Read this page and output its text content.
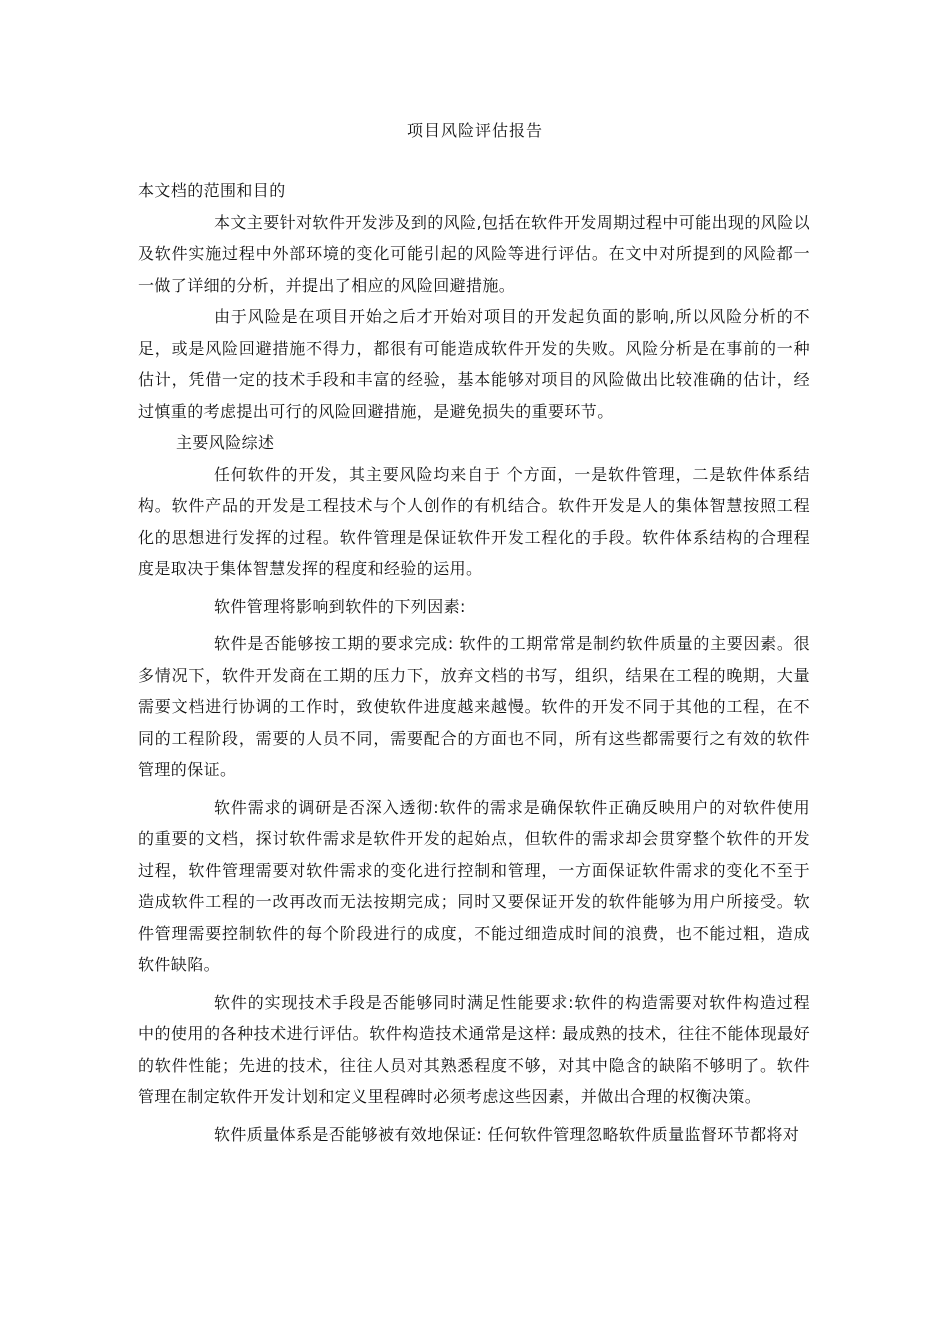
项目风险评估报告

本文档的范围和目的

本文主要针对软件开发涉及到的风险,包括在软件开发周期过程中可能出现的风险以及软件实施过程中外部环境的变化可能引起的风险等进行评估。在文中对所提到的风险都一一做了详细的分析，并提出了相应的风险回避措施。

由于风险是在项目开始之后才开始对项目的开发起负面的影响,所以风险分析的不足，或是风险回避措施不得力，都很有可能造成软件开发的失败。风险分析是在事前的一种估计，凭借一定的技术手段和丰富的经验，基本能够对项目的风险做出比较准确的估计，经过慎重的考虑提出可行的风险回避措施，是避免损失的重要环节。

主要风险综述

任何软件的开发，其主要风险均来自于 个方面，一是软件管理，二是软件体系结构。软件产品的开发是工程技术与个人创作的有机结合。软件开发是人的集体智慧按照工程化的思想进行发挥的过程。软件管理是保证软件开发工程化的手段。软件体系结构的合理程度是取决于集体智慧发挥的程度和经验的运用。

软件管理将影响到软件的下列因素:

软件是否能够按工期的要求完成: 软件的工期常常是制约软件质量的主要因素。很多情况下，软件开发商在工期的压力下，放弃文档的书写，组织，结果在工程的晚期，大量需要文档进行协调的工作时，致使软件进度越来越慢。软件的开发不同于其他的工程，在不同的工程阶段，需要的人员不同，需要配合的方面也不同，所有这些都需要行之有效的软件管理的保证。

软件需求的调研是否深入透彻:软件的需求是确保软件正确反映用户的对软件使用的重要的文档，探讨软件需求是软件开发的起始点，但软件的需求却会贯穿整个软件的开发过程，软件管理需要对软件需求的变化进行控制和管理，一方面保证软件需求的变化不至于造成软件工程的一改再改而无法按期完成；同时又要保证开发的软件能够为用户所接受。软件管理需要控制软件的每个阶段进行的成度，不能过细造成时间的浪费，也不能过粗，造成软件缺陷。

软件的实现技术手段是否能够同时满足性能要求:软件的构造需要对软件构造过程中的使用的各种技术进行评估。软件构造技术通常是这样: 最成熟的技术，往往不能体现最好的软件性能；先进的技术，往往人员对其熟悉程度不够，对其中隐含的缺陷不够明了。软件管理在制定软件开发计划和定义里程碑时必须考虑这些因素，并做出合理的权衡决策。

软件质量体系是否能够被有效地保证: 任何软件管理忽略软件质量监督环节都将对
